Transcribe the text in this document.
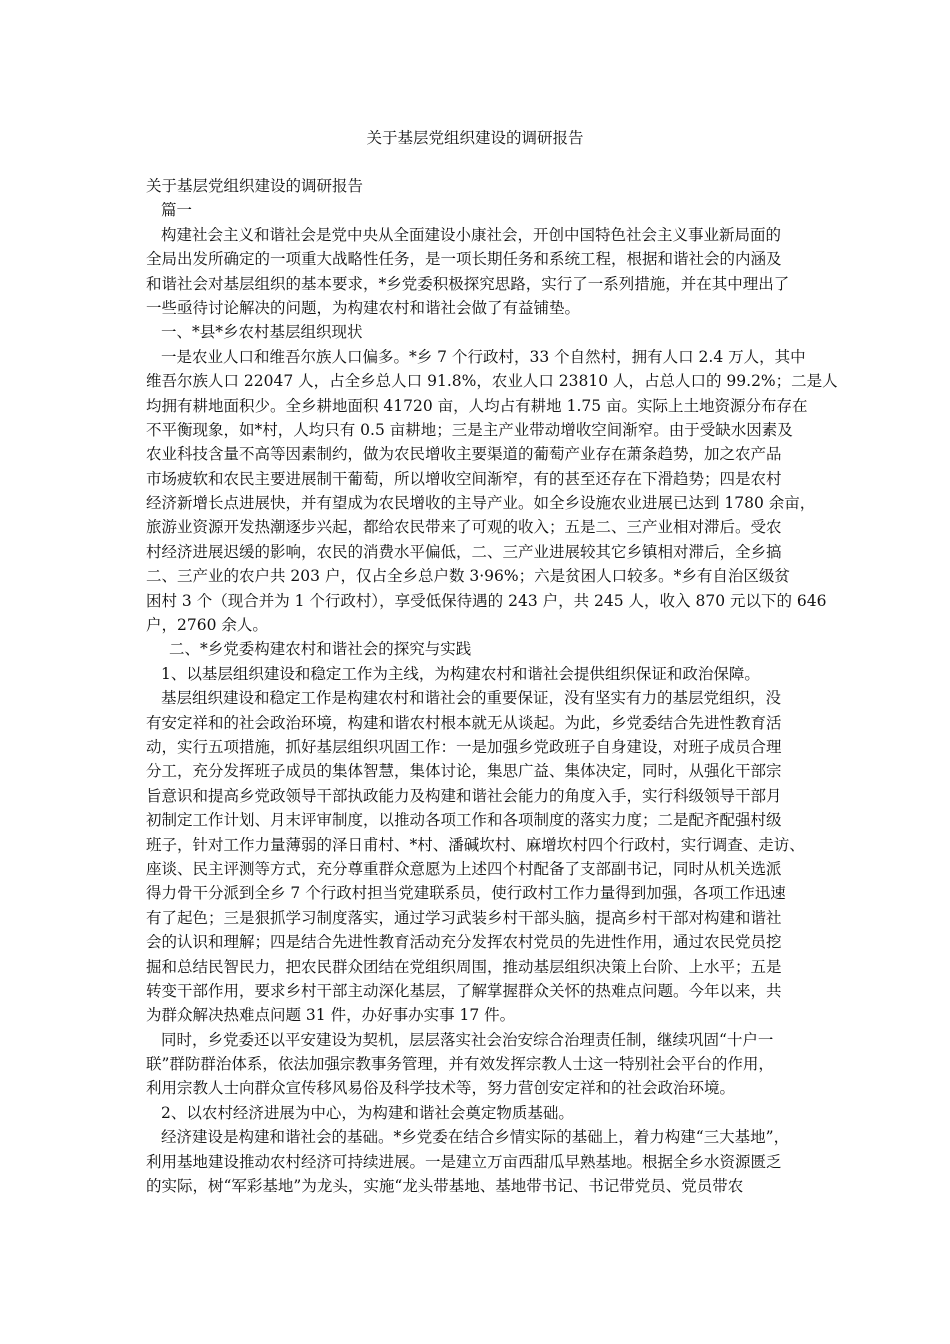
关于基层党组织建设的调研报告
关于基层党组织建设的调研报告
篇一
构建社会主义和谐社会是党中央从全面建设小康社会，开创中国特色社会主义事业新局面的
全局出发所确定的一项重大战略性任务，是一项长期任务和系统工程，根据和谐社会的内涵及
和谐社会对基层组织的基本要求，*乡党委积极探究思路，实行了一系列措施，并在其中理出了
一些亟待讨论解决的问题，为构建农村和谐社会做了有益铺垫。
一、*县*乡农村基层组织现状
一是农业人口和维吾尔族人口偏多。*乡 7 个行政村，33 个自然村，拥有人口 2.4 万人，其中
维吾尔族人口 22047 人，占全乡总人口 91.8%，农业人口 23810 人，占总人口的 99.2%；二是人
均拥有耕地面积少。全乡耕地面积 41720 亩，人均占有耕地 1.75 亩。实际上土地资源分布存在
不平衡现象，如*村，人均只有 0.5 亩耕地；三是主产业带动增收空间渐窄。由于受缺水因素及
农业科技含量不高等因素制约，做为农民增收主要渠道的葡萄产业存在萧条趋势，加之农产品
市场疲软和农民主要进展制干葡萄，所以增收空间渐窄，有的甚至还存在下滑趋势；四是农村
经济新增长点进展快，并有望成为农民增收的主导产业。如全乡设施农业进展已达到 1780 余亩，
旅游业资源开发热潮逐步兴起，都给农民带来了可观的收入；五是二、三产业相对滞后。受农
村经济进展迟缓的影响，农民的消费水平偏低，二、三产业进展较其它乡镇相对滞后，全乡搞
二、三产业的农户共 203 户，仅占全乡总户数 3·96%；六是贫困人口较多。*乡有自治区级贫
困村 3 个（现合并为 1 个行政村），享受低保待遇的 243 户，共 245 人，收入 870 元以下的 646
户，2760 余人。
二、*乡党委构建农村和谐社会的探究与实践
1、以基层组织建设和稳定工作为主线，为构建农村和谐社会提供组织保证和政治保障。
基层组织建设和稳定工作是构建农村和谐社会的重要保证，没有坚实有力的基层党组织，没
有安定祥和的社会政治环境，构建和谐农村根本就无从谈起。为此，乡党委结合先进性教育活
动，实行五项措施，抓好基层组织巩固工作：一是加强乡党政班子自身建设，对班子成员合理
分工，充分发挥班子成员的集体智慧，集体讨论，集思广益、集体决定，同时，从强化干部宗
旨意识和提高乡党政领导干部执政能力及构建和谐社会能力的角度入手，实行科级领导干部月
初制定工作计划、月末评审制度，以推动各项工作和各项制度的落实力度；二是配齐配强村级
班子，针对工作力量薄弱的泽日甫村、*村、潘碱坎村、麻增坎村四个行政村，实行调查、走访、
座谈、民主评测等方式，充分尊重群众意愿为上述四个村配备了支部副书记，同时从机关选派
得力骨干分派到全乡 7 个行政村担当党建联系员，使行政村工作力量得到加强，各项工作迅速
有了起色；三是狠抓学习制度落实，通过学习武装乡村干部头脑，提高乡村干部对构建和谐社
会的认识和理解；四是结合先进性教育活动充分发挥农村党员的先进性作用，通过农民党员挖
掘和总结民智民力，把农民群众团结在党组织周围，推动基层组织决策上台阶、上水平；五是
转变干部作用，要求乡村干部主动深化基层，了解掌握群众关怀的热难点问题。今年以来，共
为群众解决热难点问题 31 件，办好事办实事 17 件。
同时，乡党委还以平安建设为契机，层层落实社会治安综合治理责任制，继续巩固“十户一
联”群防群治体系，依法加强宗教事务管理，并有效发挥宗教人士这一特别社会平台的作用，
利用宗教人士向群众宣传移风易俗及科学技术等，努力营创安定祥和的社会政治环境。
2、以农村经济进展为中心，为构建和谐社会奠定物质基础。
经济建设是构建和谐社会的基础。*乡党委在结合乡情实际的基础上，着力构建“三大基地”，
利用基地建设推动农村经济可持续进展。一是建立万亩西甜瓜早熟基地。根据全乡水资源匮乏
的实际，树“军彩基地”为龙头，实施“龙头带基地、基地带书记、书记带党员、党员带农
